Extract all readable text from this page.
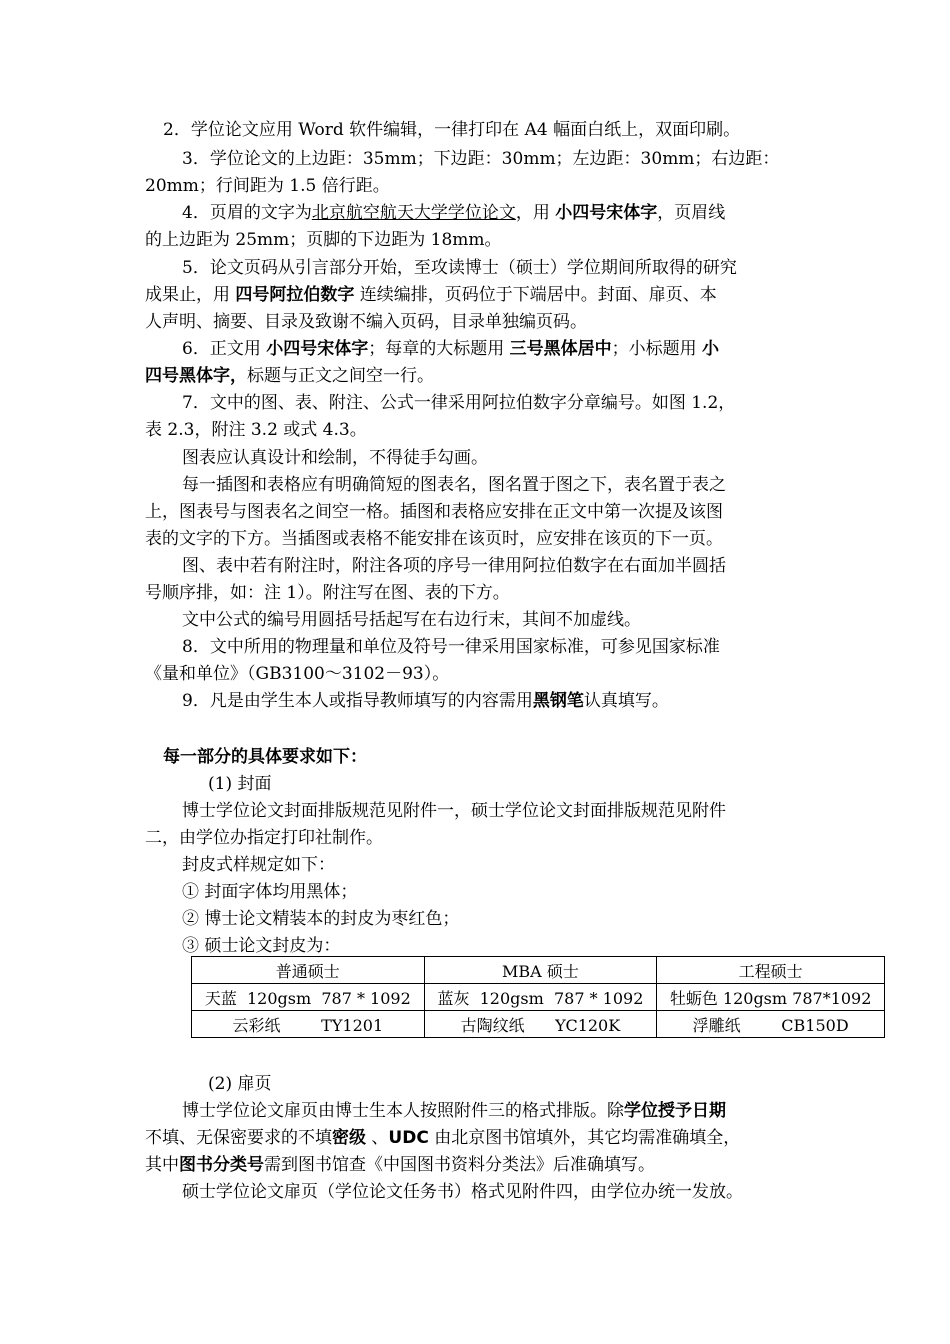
2．学位论文应用 Word 软件编辑，一律打印在 A4 幅面白纸上，双面印刷。
3．学位论文的上边距：35mm；下边距：30mm；左边距：30mm；右边距：
20mm；行间距为 1.5 倍行距。
4．页眉的文字为北京航空航天大学学位论文，用 小四号宋体字，页眉线
的上边距为 25mm；页脚的下边距为 18mm。
5．论文页码从引言部分开始，至攻读博士（硕士）学位期间所取得的研究
成果止，用 四号阿拉伯数字 连续编排，页码位于下端居中。封面、扉页、本
人声明、摘要、目录及致谢不编入页码，目录单独编页码。
6．正文用 小四号宋体字；每章的大标题用 三号黑体居中；小标题用 小
四号黑体字，标题与正文之间空一行。
7．文中的图、表、附注、公式一律采用阿拉伯数字分章编号。如图 1.2，
表 2.3，附注 3.2 或式 4.3。
图表应认真设计和绘制，不得徒手勾画。
每一插图和表格应有明确简短的图表名，图名置于图之下，表名置于表之
上，图表号与图表名之间空一格。插图和表格应安排在正文中第一次提及该图
表的文字的下方。当插图或表格不能安排在该页时，应安排在该页的下一页。
图、表中若有附注时，附注各项的序号一律用阿拉伯数字在右面加半圆括
号顺序排，如：注 1）。附注写在图、表的下方。
文中公式的编号用圆括号括起写在右边行末，其间不加虚线。
8．文中所用的物理量和单位及符号一律采用国家标准，可参见国家标准
《量和单位》（GB3100～3102－93）。
9．凡是由学生本人或指导教师填写的内容需用黑钢笔认真填写。
每一部分的具体要求如下：
(1) 封面
博士学位论文封面排版规范见附件一，硕士学位论文封面排版规范见附件
二，由学位办指定打印社制作。
封皮式样规定如下：
① 封面字体均用黑体；
② 博士论文精装本的封皮为枣红色；
③ 硕士论文封皮为：
普通硕士	MBA 硕士	工程硕士
天蓝  120gsm  787 * 1092	蓝灰  120gsm  787 * 1092	牡蛎色 120gsm 787*1092
云彩纸        TY1201	古陶纹纸      YC120K	浮雕纸        CB150D
(2) 扉页
博士学位论文扉页由博士生本人按照附件三的格式排版。除学位授予日期
不填、无保密要求的不填密级 、UDC 由北京图书馆填外，其它均需准确填全，
其中图书分类号需到图书馆查《中国图书资料分类法》后准确填写。
硕士学位论文扉页（学位论文任务书）格式见附件四，由学位办统一发放。
